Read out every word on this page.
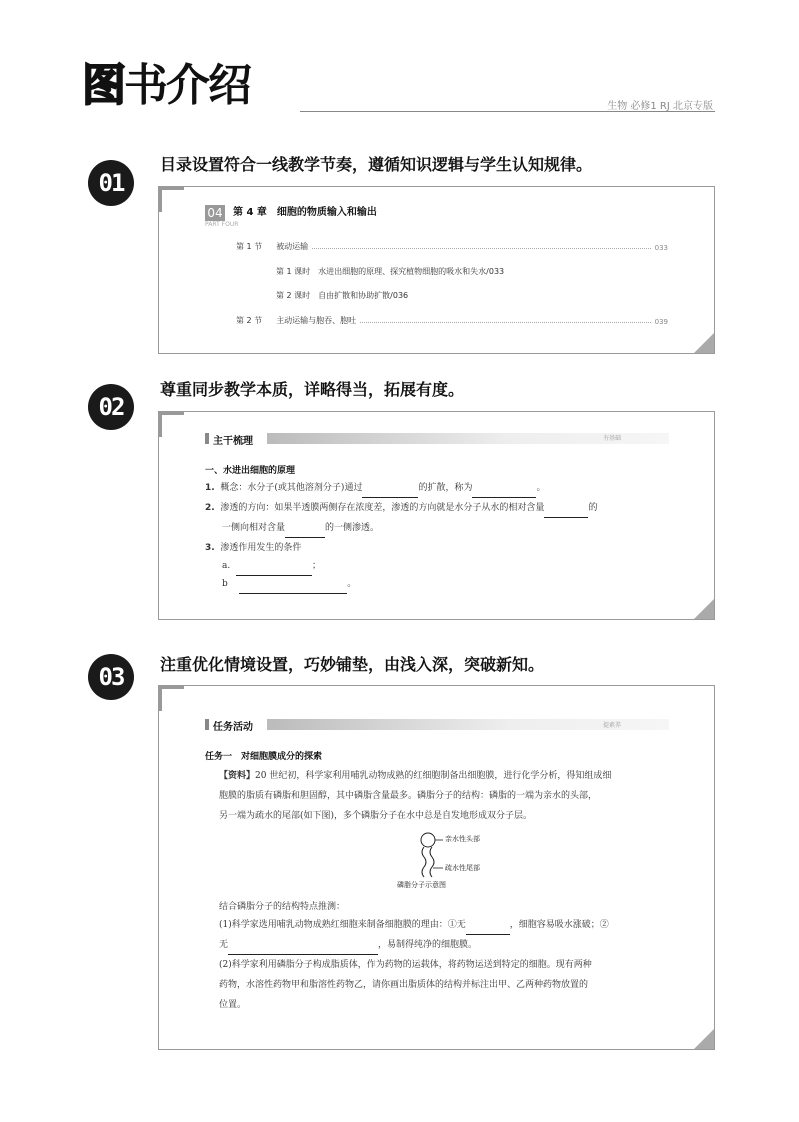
图书介绍	生物 必修1 RJ 北京专版
01
目录设置符合一线教学节奏，遵循知识逻辑与学生认知规律。
04 第 4 章　细胞的物质输入和输出
PART FOUR
第 1 节 被动运输	033
第 1 课时　水进出细胞的原理、探究植物细胞的吸水和失水/033
第 2 课时　自由扩散和协助扩散/036
第 2 节 主动运输与胞吞、胞吐	039
02
尊重同步教学本质，详略得当，拓展有度。
主干梳理	夯基础
一、水进出细胞的原理
1. 概念：水分子(或其他溶剂分子)通过	的扩散，称为	。
2. 渗透的方向：如果半透膜两侧存在浓度差，渗透的方向就是水分子从水的相对含量	的
一侧向相对含量	的一侧渗透。
3. 渗透作用发生的条件
a.	；
b	。
03	注重优化情境设置，巧妙铺垫，由浅入深，突破新知。
任务活动	提素养
任务一　对细胞膜成分的探索
【资料】20 世纪初，科学家利用哺乳动物成熟的红细胞制备出细胞膜，进行化学分析，得知组成细
胞膜的脂质有磷脂和胆固醇，其中磷脂含量最多。磷脂分子的结构：磷脂的一端为亲水的头部，
另一端为疏水的尾部(如下图)，多个磷脂分子在水中总是自发地形成双分子层。
亲水性头部
疏水性尾部
磷脂分子示意图
结合磷脂分子的结构特点推测：
(1)科学家选用哺乳动物成熟红细胞来制备细胞膜的理由：①无	，细胞容易吸水涨破；②
无	，易制得纯净的细胞膜。
(2)科学家利用磷脂分子构成脂质体，作为药物的运载体，将药物运送到特定的细胞。现有两种
药物，水溶性药物甲和脂溶性药物乙，请你画出脂质体的结构并标注出甲、乙两种药物放置的
位置。
